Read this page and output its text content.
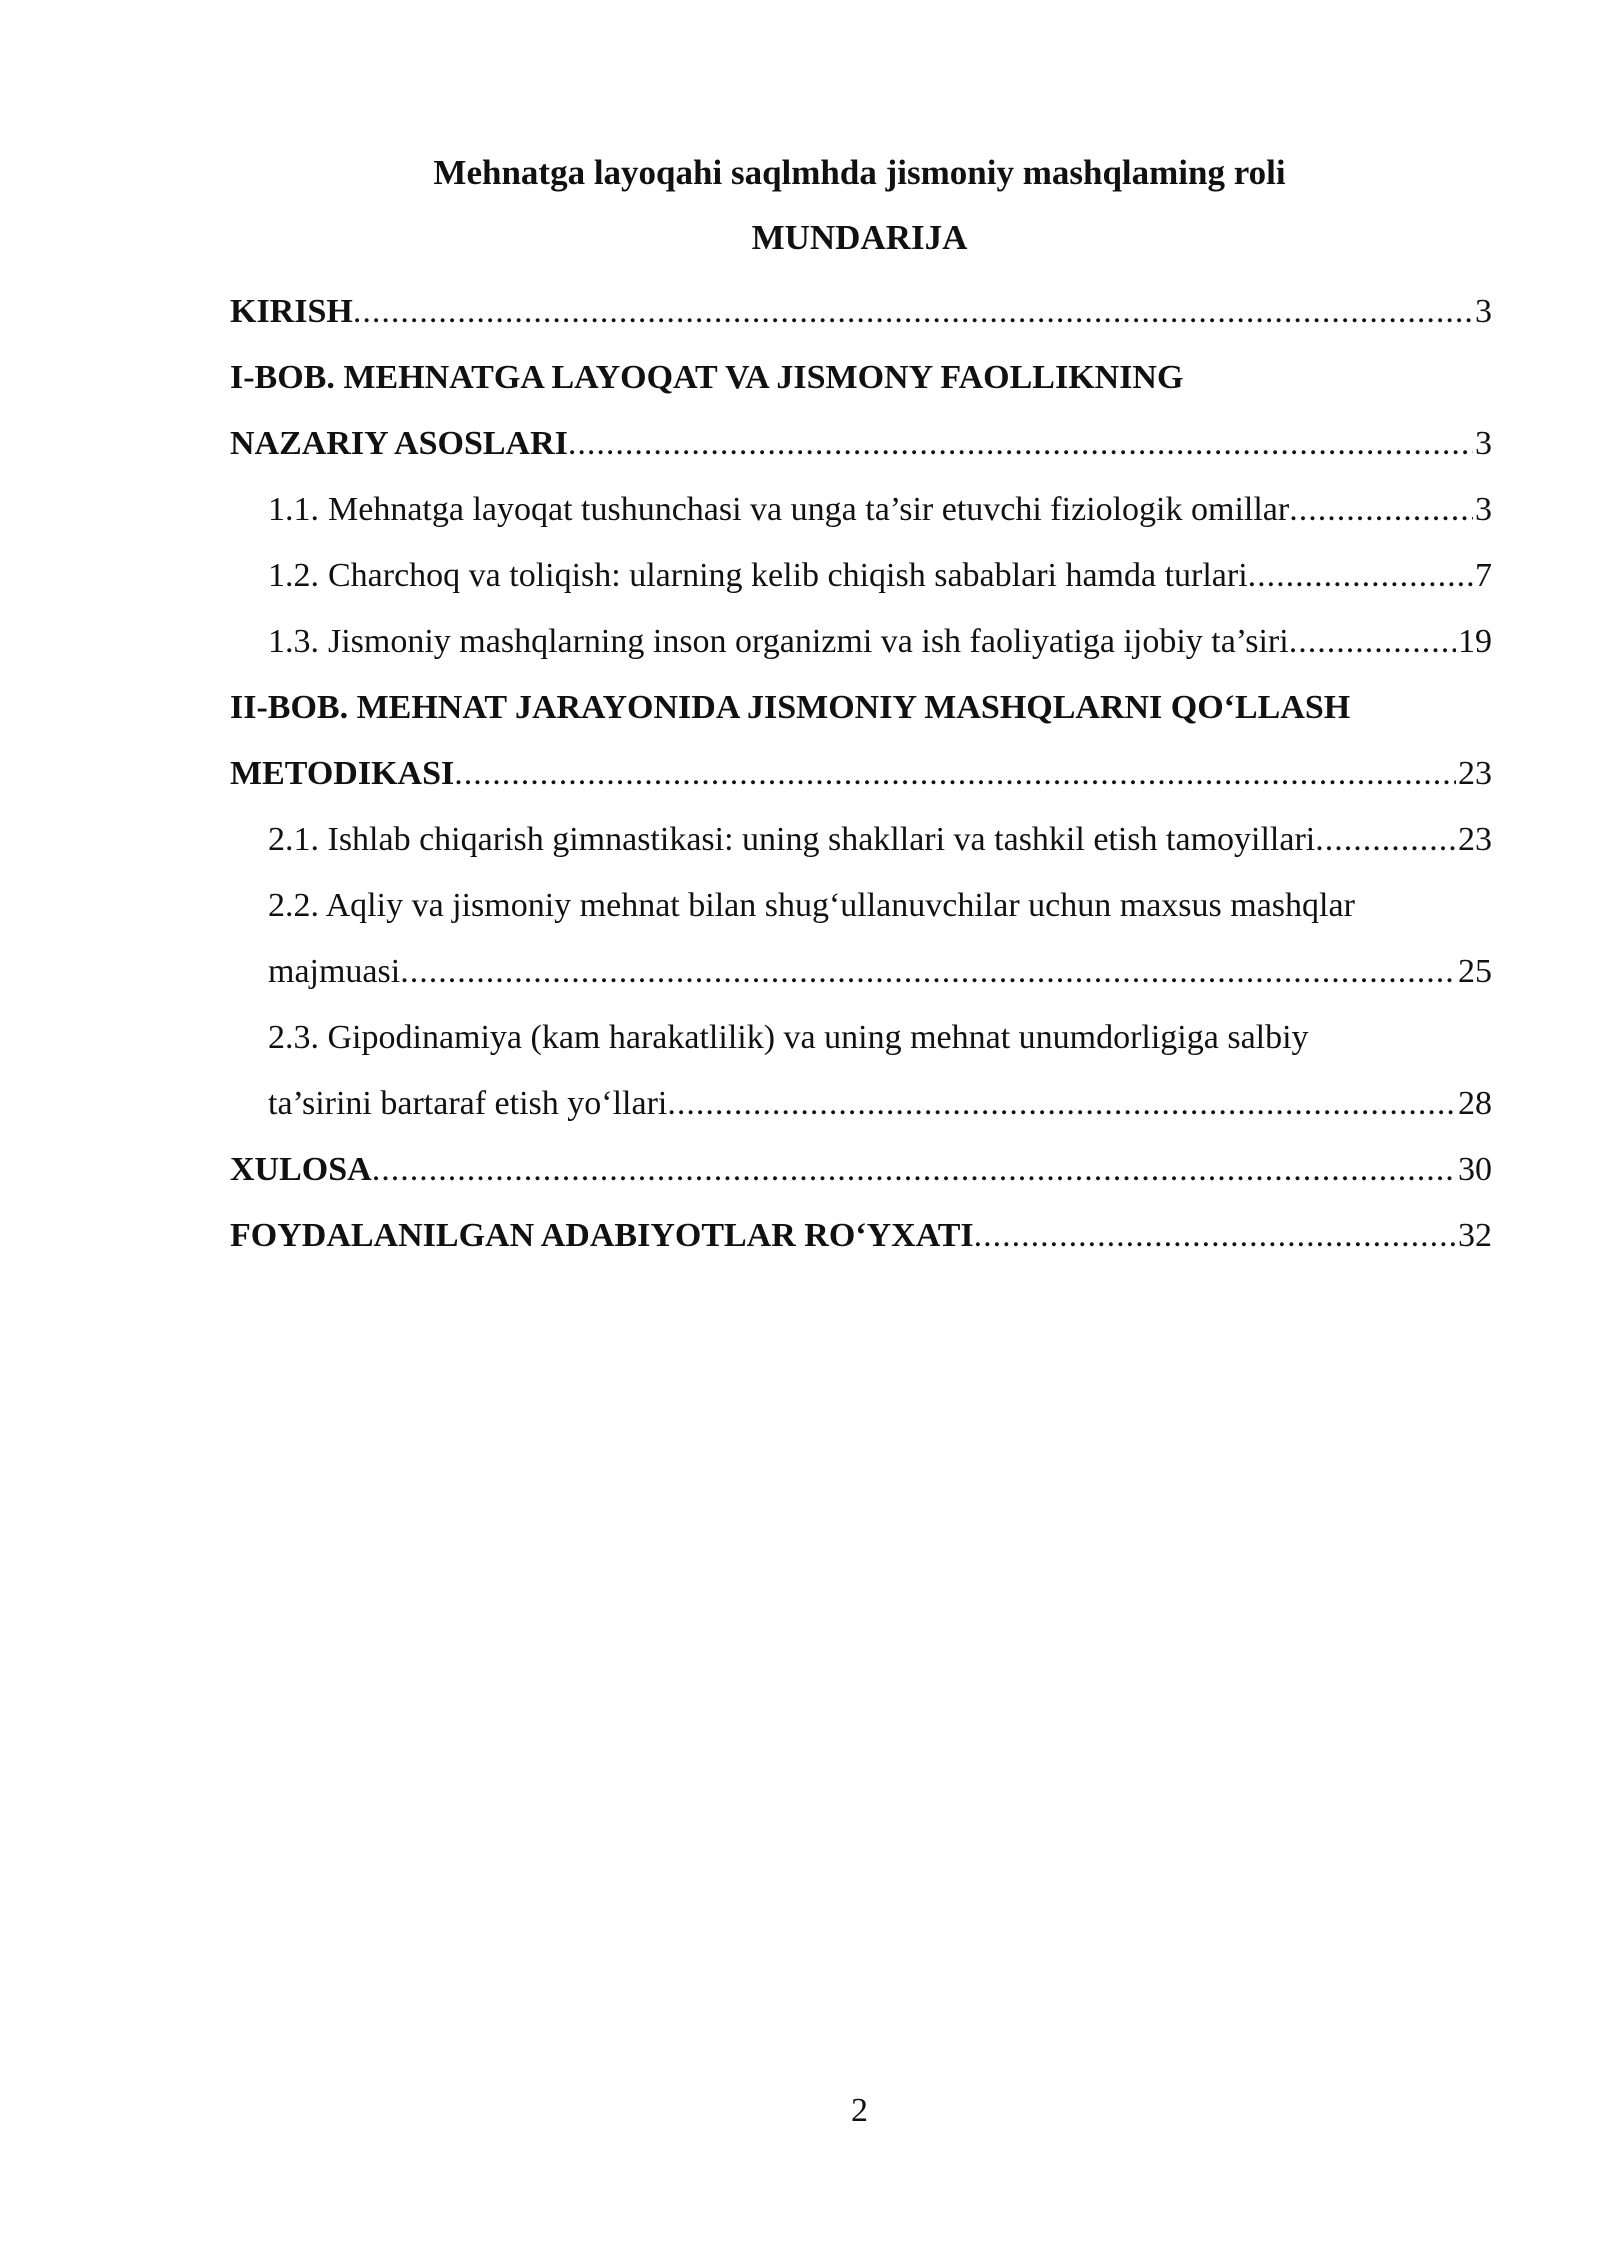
Mehnatga layoqahi saqlmhda jismoniy mashqlaming roli
MUNDARIJA
KIRISH .....	3
I-BOB. MEHNATGA LAYOQAT VA JISMONY FAOLLIKNING
NAZARIY ASOSLARI .....	3
1.1. Mehnatga layoqat tushunchasi va unga ta’sir etuvchi fiziologik omillar .....	3
1.2. Charchoq va toliqish: ularning kelib chiqish sabablari hamda turlari .....	7
1.3. Jismoniy mashqlarning inson organizmi va ish faoliyatiga ijobiy ta’siri .....	19
II-BOB. MEHNAT JARAYONIDA JISMONIY MASHQLARNI QO‘LLASH
METODIKASI .....	23
2.1. Ishlab chiqarish gimnastikasi: uning shakllari va tashkil etish tamoyillari .....	23
2.2. Aqliy va jismoniy mehnat bilan shug‘ullanuvchilar uchun maxsus mashqlar
majmuasi .....	25
2.3. Gipodinamiya (kam harakatlilik) va uning mehnat unumdorligiga salbiy
ta’sirini bartaraf etish yo‘llari .....	28
XULOSA .....	30
FOYDALANILGAN ADABIYOTLAR RO‘YXATI .....	32
2
